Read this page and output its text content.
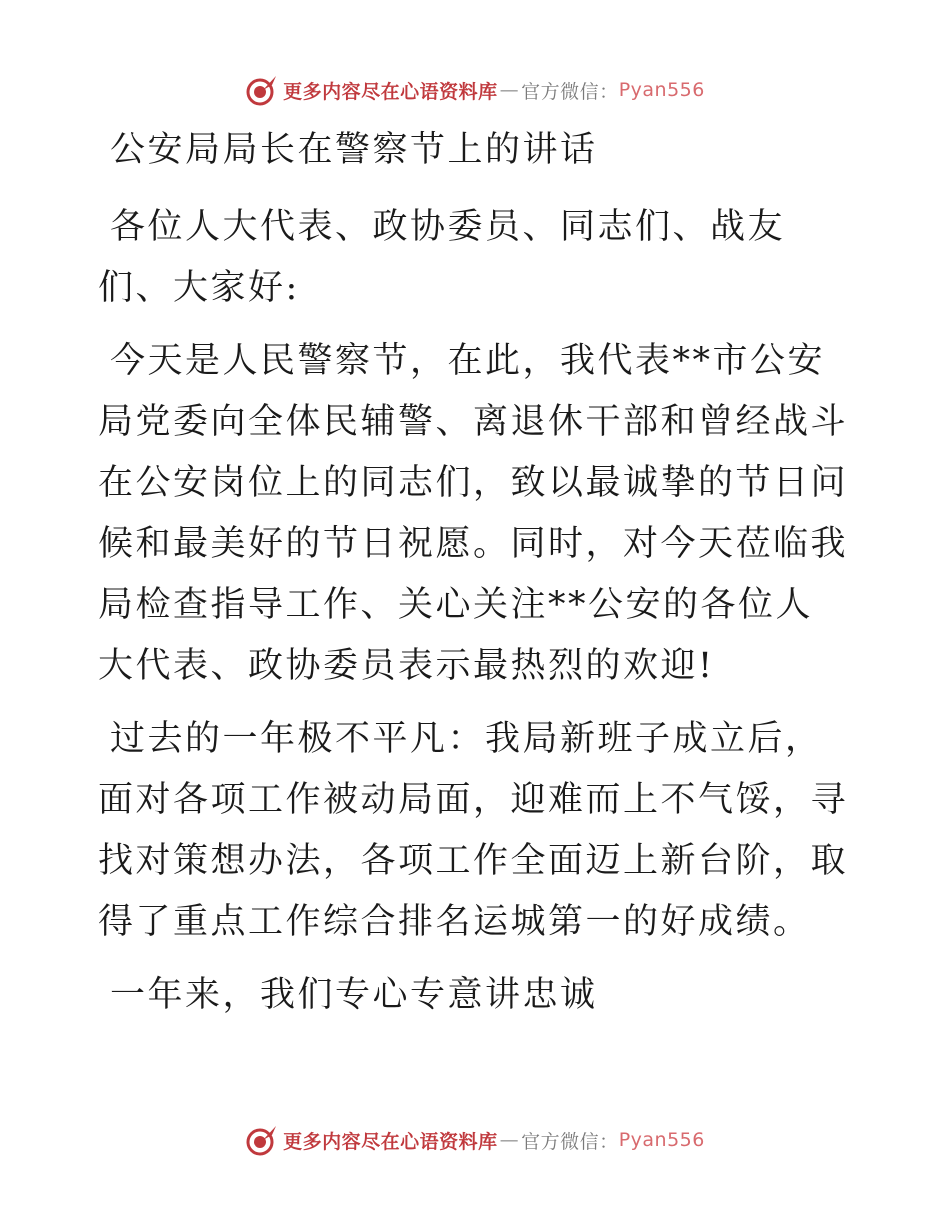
更多内容尽在心语资料库 — 官方微信： Pyan556

公安局局长在警察节上的讲话

各位人大代表、政协委员、同志们、战友们、大家好:

今天是人民警察节，在此，我代表**市公安局党委向全体民辅警、离退休干部和曾经战斗在公安岗位上的同志们，致以最诚挚的节日问候和最美好的节日祝愿。同时，对今天莅临我局检查指导工作、关心关注**公安的各位人大代表、政协委员表示最热烈的欢迎!

过去的一年极不平凡：我局新班子成立后，面对各项工作被动局面，迎难而上不气馁，寻找对策想办法，各项工作全面迈上新台阶，取得了重点工作综合排名运城第一的好成绩。

一年来，我们专心专意讲忠诚

更多内容尽在心语资料库 — 官方微信： Pyan556
